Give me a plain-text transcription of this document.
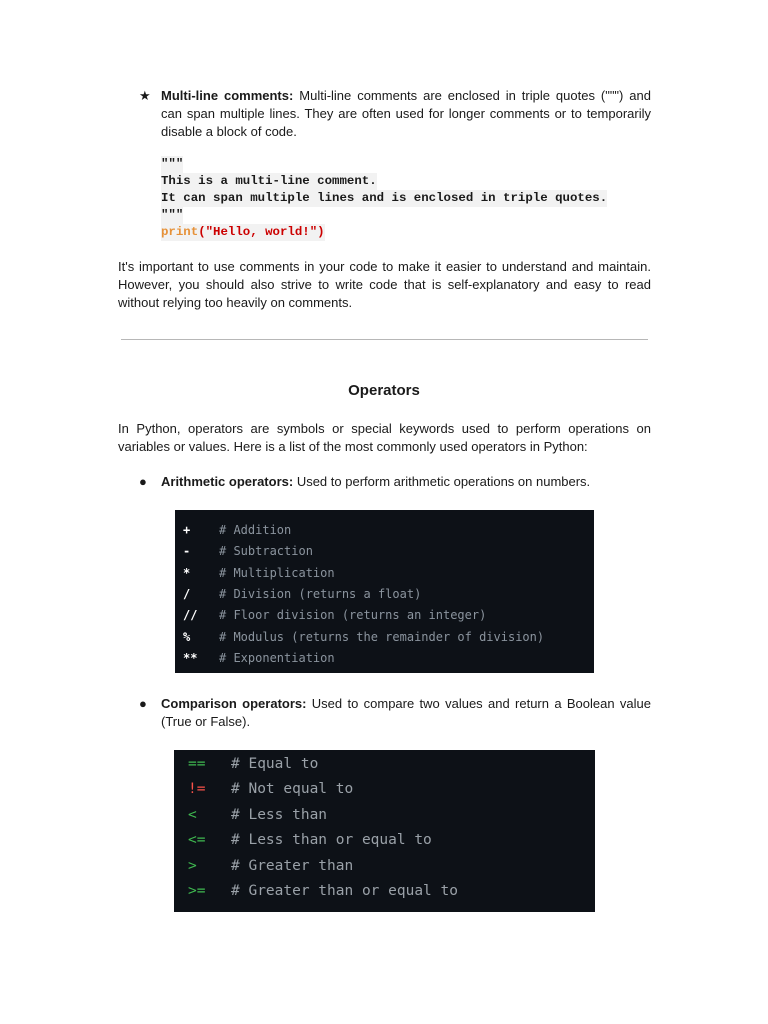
★ Multi-line comments: Multi-line comments are enclosed in triple quotes (""") and can span multiple lines. They are often used for longer comments or to temporarily disable a block of code.
"""
This is a multi-line comment.
It can span multiple lines and is enclosed in triple quotes.
"""
print("Hello, world!")
It's important to use comments in your code to make it easier to understand and maintain. However, you should also strive to write code that is self-explanatory and easy to read without relying too heavily on comments.
Operators
In Python, operators are symbols or special keywords used to perform operations on variables or values. Here is a list of the most commonly used operators in Python:
● Arithmetic operators: Used to perform arithmetic operations on numbers.
+ # Addition
- # Subtraction
* # Multiplication
/ # Division (returns a float)
// # Floor division (returns an integer)
% # Modulus (returns the remainder of division)
** # Exponentiation
● Comparison operators: Used to compare two values and return a Boolean value (True or False).
== # Equal to
!= # Not equal to
< # Less than
<= # Less than or equal to
> # Greater than
>= # Greater than or equal to
